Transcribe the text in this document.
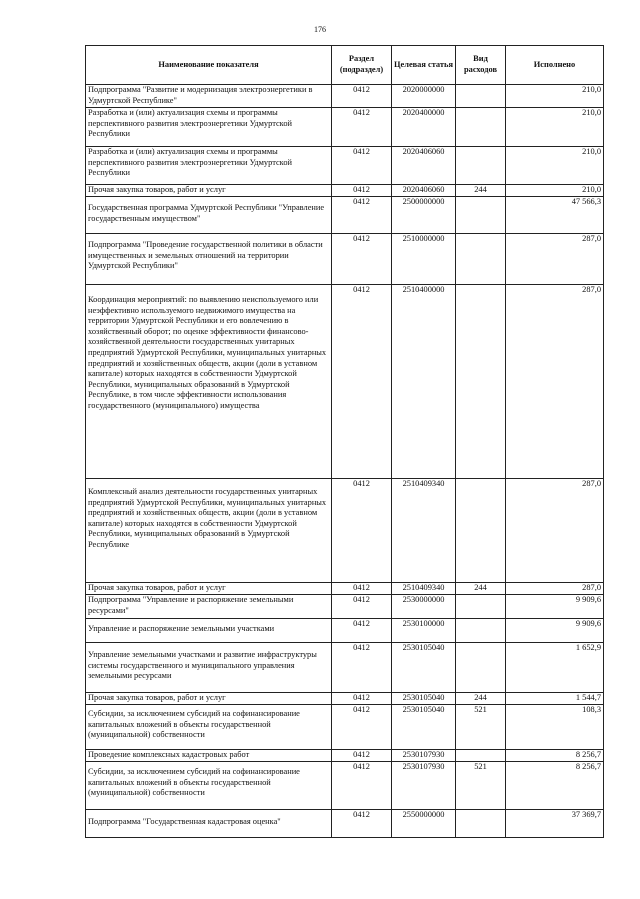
176
Наименование показателя	Раздел (подраздел)	Целевая статья	Вид расходов	Исполнено

Подпрограмма "Развитие и модернизация электроэнергетики в Удмуртской Республике"	0412	2020000000		210,0

Разработка и (или) актуализация схемы и программы перспективного развития электроэнергетики Удмуртской Республики	0412	2020400000		210,0

Разработка и (или) актуализация схемы и программы перспективного развития электроэнергетики Удмуртской Республики	0412	2020406060		210,0

Прочая закупка товаров, работ и услуг	0412	2020406060	244	210,0

Государственная программа Удмуртской Республики "Управление государственным имуществом"	0412	2500000000		47 566,3

Подпрограмма "Проведение государственной политики в области имущественных и земельных отношений на территории Удмуртской Республики"	0412	2510000000		287,0

Координация мероприятий: по выявлению неиспользуемого или неэффективно используемого недвижимого имущества на территории Удмуртской Республики и его вовлечению в хозяйственный оборот; по оценке эффективности финансово-хозяйственной деятельности государственных унитарных предприятий Удмуртской Республики, муниципальных унитарных предприятий и хозяйственных обществ, акции (доли в уставном капитале) которых находятся в собственности Удмуртской Республики, муниципальных образований в Удмуртской Республике, в том числе эффективности использования государственного (муниципального) имущества	0412	2510400000		287,0

Комплексный анализ деятельности государственных унитарных предприятий Удмуртской Республики, муниципальных унитарных предприятий и хозяйственных обществ, акции (доли в уставном капитале) которых находятся в собственности Удмуртской Республики, муниципальных образований в Удмуртской Республике	0412	2510409340		287,0

Прочая закупка товаров, работ и услуг	0412	2510409340	244	287,0

Подпрограмма "Управление и распоряжение земельными ресурсами"	0412	2530000000		9 909,6

Управление и распоряжение земельными участками	0412	2530100000		9 909,6

Управление земельными участками и развитие инфраструктуры системы государственного и муниципального управления земельными ресурсами	0412	2530105040		1 652,9

Прочая закупка товаров, работ и услуг	0412	2530105040	244	1 544,7

Субсидии, за исключением субсидий на софинансирование капитальных вложений в объекты государственной (муниципальной) собственности	0412	2530105040	521	108,3

Проведение комплексных кадастровых работ	0412	2530107930		8 256,7

Субсидии, за исключением субсидий на софинансирование капитальных вложений в объекты государственной (муниципальной) собственности	0412	2530107930	521	8 256,7

Подпрограмма "Государственная кадастровая оценка"	0412	2550000000		37 369,7
